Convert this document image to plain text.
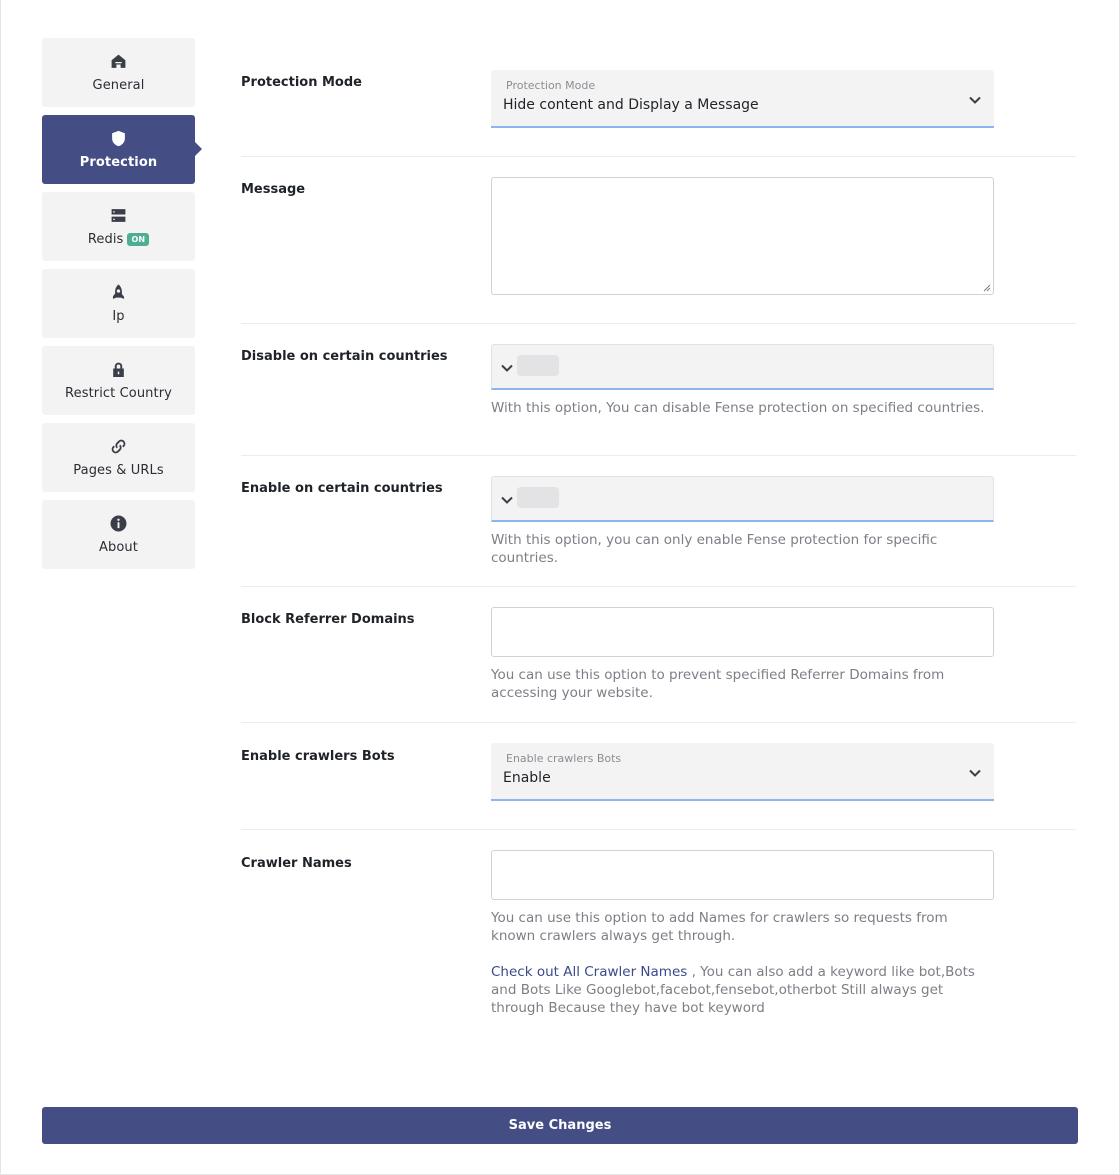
General
Protection
Redis	ON
Ip
Restrict Country
Pages & URLs
About
Protection Mode	Protection Mode
Hide content and Display a Message
Message
Disable on certain countries
With this option, You can disable Fense protection on specified countries.
Enable on certain countries
With this option, you can only enable Fense protection for specific countries.
Block Referrer Domains
You can use this option to prevent specified Referrer Domains from accessing your website.
Enable crawlers Bots	Enable crawlers Bots
Enable
Crawler Names
You can use this option to add Names for crawlers so requests from known crawlers always get through.
Check out All Crawler Names , You can also add a keyword like bot,Bots and Bots Like Googlebot,facebot,fensebot,otherbot Still always get through Because they have bot keyword
Save Changes
